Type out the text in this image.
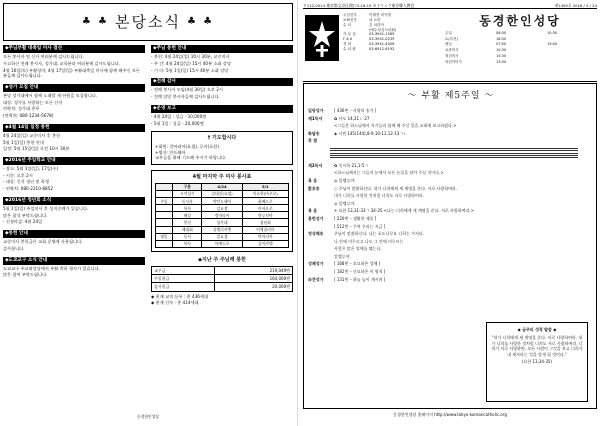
♣ ♣ 본당소식 ♣ ♣
◆주님부활 대축일 미사 결산

모든 봉사자 및 신자 여러분께 감사드립니다.

수고하신 전례 봉사자, 성가대, 교육분과 여러분께 감사드립니다.

4월 16일(토) 부활성야, 4월 17일(일) 부활대축일 미사에 함께 해주신 모든 분들께 감사드립니다.

◆성가 모집 안내

본당 성가대에서 함께 노래할 새 단원을 모집합니다.

대상: 성가를 사랑하는 모든 신자

연락처: 성가대 총무

(연락처: 080-1234-5678)

◆4월 14일 일정 봉헌

4월 24일(일) 교중미사 후 봉헌

5월 1일(일) 봉헌 안내

일정: 5월 15일(일) 오전 10시 30분

◆2016년 주일학교 안내

- 장소: 5월 1일(일), 17일(수)

- 시간: 오후 2시

- 대상: 신자 청년 및 학생

- 연락처: 080-2310-8852

◆2016년 청년회 소식

5월 1일(일) 주일미사 후 성지순례가 있습니다.

많은 참석 부탁드립니다.

- 신청마감: 4월 24일

◆봉헌 안내

교중미사 봉헌금은 교회 운영에 사용됩니다.

감사합니다.

◆도쿄교구 소식 안내

도쿄교구 주교좌성당에서 부활 축하 행사가 있습니다.

많은 참여 부탁드립니다.

◆주님 봉헌 안내

- 봉헌: 4월 24일(일) 10시 30분, 교중미사

- 주 간: 4월 24일(일) 15시 40분 소화 강당

- 기 타: 5월 1일(일) 15시 40분 소화 강당

◆전례 감사

- 전례 봉사자 모임(4월 30일) 오후 2시

- 전례 담당 봉사자들께 감사드립니다.

◆운영 보고

- 4월 24일 : 성금 - 10,000엔

- 5월 1일 : 성금 - 20,000엔

† 기도합시다
+회원: 갈바리아(요셉), 루카(요한)
+병자: 안드레아
교우들을 위해 기도해 주시기 바랍니다.
4월 마지막 주 미사 봉사표
	구분	4/24	5/1
	시작성가	김대건(요셉)	이요한(바오로)
주일	독서자	박안드레아	최베드로
	복사	김요셉	이바오로
	해설	정마리아	한루치아
	봉헌	성가대	청년회
	제대회	김엘리사벳	이체칠리아
평일	독서	강요셉	박마리아
	복사	이베드로	김미카엘
◆지난 주 주님께 봉헌
교무금	219,049엔
주일헌금	164,000엔
감사헌금	20,000엔
◆ 현재 교적 등록 : 총 436세대
◆ 현재 신자 : 총 414세대
동경한인성당
〒112-0014 東京都文京区関口3-16-15 カトリック東京韓人教会	제1459호 2016 / 4 / 24
주임신부	이태현 미카엘
보좌신부	남 요한
수 녀	김 마리아
(예수성심시녀회)
사 무 실	03-3941-1569
F A X	03-3941-0239
전 화	03-3941-4056
수 녀 원	03-6912-6192
동경한인성당
주일	08:00	10:30
토(특전)	18:00
평일	07:00	19:00
교중미사	10:30
청년미사	15:30
어린이미사	13:00
〜 부활 제5주일 〜
입당성가	[ 436번 – 사랑의 송가 ]
제1독서	✿ 사도 14,21ㄴ-27
<그들은 하느님께서 자기들과 함께 해 주신 일을 교회에 보고하였다.>
화답송	◈ 시편 145(144),8-9.10-11.12-13ㄱㄴ
후 렴
제2독서	✿ 묵시록 21,1-5ㄱ
<하느님께서는 그들의 눈에서 모든 눈물을 닦아 주실 것이다.>
복 음	◎ 알렐루야.
환호송	○ 주님이 말씀하신다. 내가 너희에게 새 계명을 준다. 서로 사랑하여라.
내가 너희를 사랑한 것처럼 너희도 서로 사랑하여라.
◎ 알렐루야.
복 음	+ 요한 13,31-33ㄱ.34-35 <나는 너희에게 새 계명을 준다. 서로 사랑하여라.>
봉헌성가	[ 220번 – 생활한 제물 ]
[ 512번 – 주여 우리는 지금 ]
영성체송	주님이 말씀하신다. 나는 포도나무요 너희는 가지다.
나 안에 머무르고 나도 그 안에 머무르는
사람은 많은 열매를 맺는다.
알렐루야.
성체성가	[ 168번 – 오묘하온 성체 ]
[ 182번 – 신묘하온 이 영적 ]
파견성가	[ 131번 – 하늘 높이 계시며 ]
◆ 금주의 성경 말씀 ◆
"내가 너희에게 새 계명을 준다. 서로 사랑하여라. 내가 너희를 사랑한 것처럼 너희도 서로 사랑하여라. 너희가 서로 사랑하면, 모든 사람이 그것을 보고 너희가 내 제자라는 것을 알게 될 것이다."
(요한 13,34-35)
동경한인성당 홈페이지 http://www.tokyo-koreancatholic.org
